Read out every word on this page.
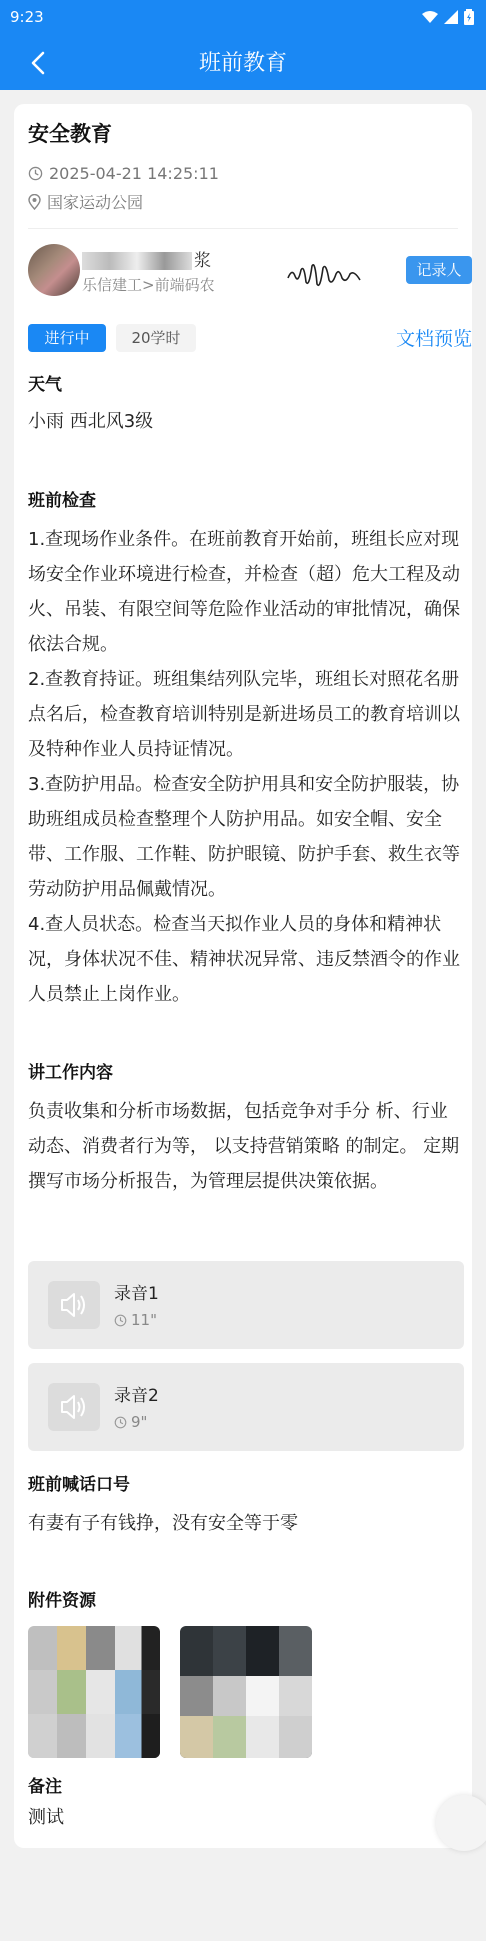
9:23
班前教育
安全教育
2025-04-21 14:25:11
国家运动公园
浆
乐信建工>前端码农
记录人
进行中	20学时	文档预览
天气
小雨 西北风3级
班前检查
1.查现场作业条件。在班前教育开始前，班组长应对现场安全作业环境进行检查，并检查（超）危大工程及动火、吊装、有限空间等危险作业活动的审批情况，确保依法合规。
2.查教育持证。班组集结列队完毕，班组长对照花名册点名后，检查教育培训特别是新进场员工的教育培训以及特种作业人员持证情况。
3.查防护用品。检查安全防护用具和安全防护服装，协助班组成员检查整理个人防护用品。如安全帽、安全带、工作服、工作鞋、防护眼镜、防护手套、救生衣等劳动防护用品佩戴情况。
4.查人员状态。检查当天拟作业人员的身体和精神状况，身体状况不佳、精神状况异常、违反禁酒令的作业人员禁止上岗作业。
讲工作内容
负责收集和分析市场数据，包括竞争对手分 析、行业动态、消费者行为等， 以支持营销策略 的制定。 定期撰写市场分析报告，为管理层提供决策依据。
录音1
11"
录音2
9"
班前喊话口号
有妻有子有钱挣，没有安全等于零
附件资源
备注
测试
